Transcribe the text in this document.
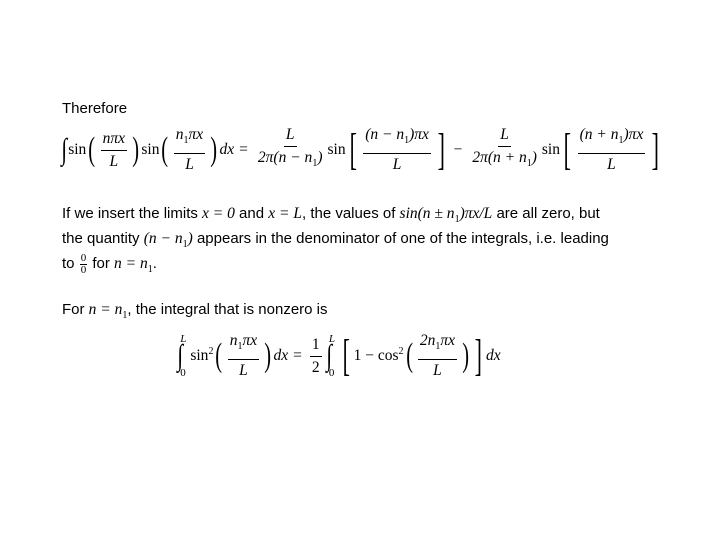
Therefore
∫ sin ( $\frac{\text{nπx}}{L}$ ) sin ( $\frac{n_1\pi x}{L}$ ) dx = $\frac{L}{2\pi(n - n_1)}$ sin [ $\frac{(n - n_1)\pi x}{L}$ ] − $\frac{L}{2\pi(n + n_1)}$ sin [ $\frac{(n + n_1)\pi x}{L}$ ]
If we insert the limits x = 0 and x = L, the values of $\sin(n \pm n_1)\pi x/L$ are all zero, but
the quantity $(n - n_1)$ appears in the denominator of one of the integrals, i.e. leading
to $\frac{0}{0}$ for $n = n_1$.
For $n = n_1$, the integral that is nonzero is
∫
L
0
$\sin^2$ ( $\frac{n_1\pi x}{L}$ ) dx = $\frac{1}{2}$ ∫
L
0 [ $1 - \cos^2$ ( $\frac{2n_1\pi x}{L}$ ) ] dx
